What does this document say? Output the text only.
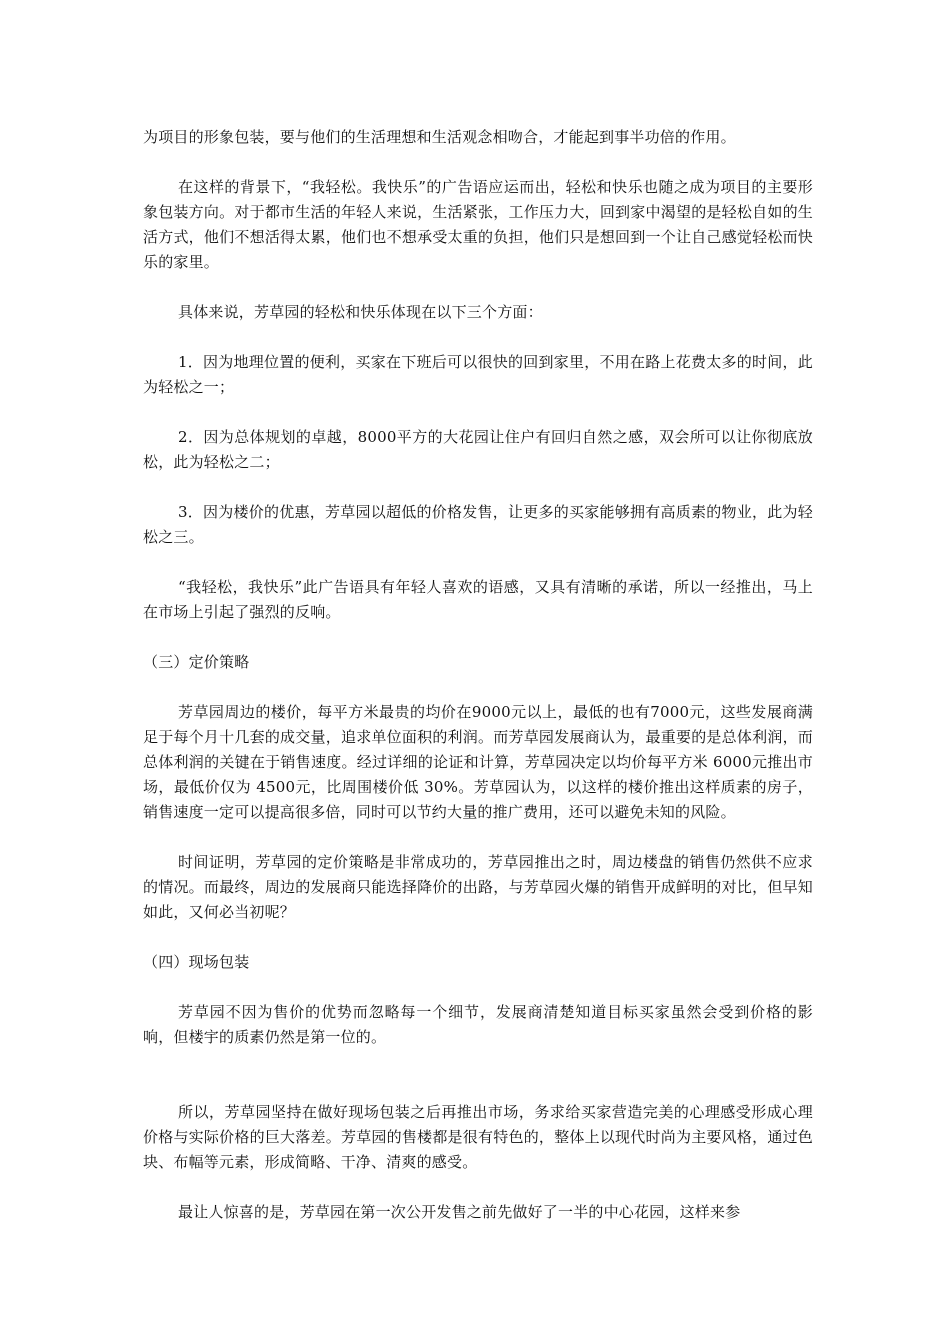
为项目的形象包装，要与他们的生活理想和生活观念相吻合，才能起到事半功倍的作用。

在这样的背景下，“我轻松。我快乐”的广告语应运而出，轻松和快乐也随之成为项目的主要形象包装方向。对于都市生活的年轻人来说，生活紧张，工作压力大，回到家中渴望的是轻松自如的生活方式，他们不想活得太累，他们也不想承受太重的负担，他们只是想回到一个让自己感觉轻松而快乐的家里。

具体来说，芳草园的轻松和快乐体现在以下三个方面：

1．因为地理位置的便利，买家在下班后可以很快的回到家里，不用在路上花费太多的时间，此为轻松之一；

2．因为总体规划的卓越，8000平方的大花园让住户有回归自然之感，双会所可以让你彻底放松，此为轻松之二；

3．因为楼价的优惠，芳草园以超低的价格发售，让更多的买家能够拥有高质素的物业，此为轻松之三。

“我轻松，我快乐”此广告语具有年轻人喜欢的语感，又具有清晰的承诺，所以一经推出，马上在市场上引起了强烈的反响。

（三）定价策略

芳草园周边的楼价，每平方米最贵的均价在9000元以上，最低的也有7000元，这些发展商满足于每个月十几套的成交量，追求单位面积的利润。而芳草园发展商认为，最重要的是总体利润，而总体利润的关键在于销售速度。经过详细的论证和计算，芳草园决定以均价每平方米 6000元推出市场，最低价仅为 4500元，比周围楼价低 30%。芳草园认为，以这样的楼价推出这样质素的房子，销售速度一定可以提高很多倍，同时可以节约大量的推广费用，还可以避免未知的风险。

时间证明，芳草园的定价策略是非常成功的，芳草园推出之时，周边楼盘的销售仍然供不应求的情况。而最终，周边的发展商只能选择降价的出路，与芳草园火爆的销售开成鲜明的对比，但早知如此，又何必当初呢？

（四）现场包装

芳草园不因为售价的优势而忽略每一个细节，发展商清楚知道目标买家虽然会受到价格的影响，但楼宇的质素仍然是第一位的。

所以，芳草园坚持在做好现场包装之后再推出市场，务求给买家营造完美的心理感受形成心理价格与实际价格的巨大落差。芳草园的售楼都是很有特色的，整体上以现代时尚为主要风格，通过色块、布幅等元素，形成简略、干净、清爽的感受。

最让人惊喜的是，芳草园在第一次公开发售之前先做好了一半的中心花园，这样来参
